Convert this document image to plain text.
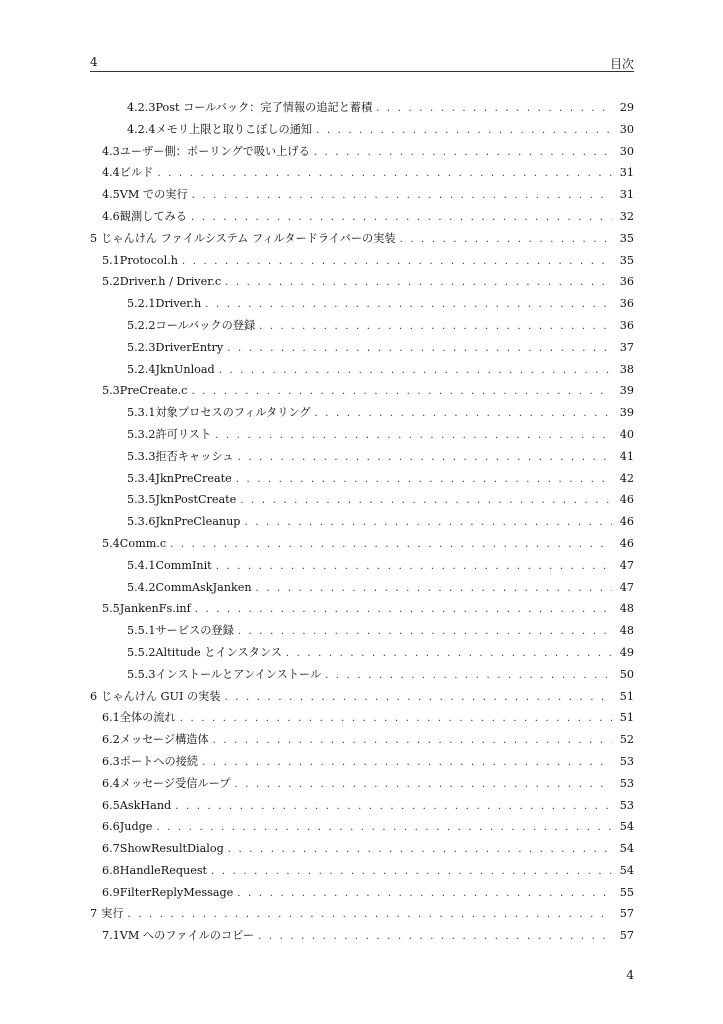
4	目次
4.2.3 Post コールバック：完了情報の追記と蓄積 . . .	29
4.2.4 メモリ上限と取りこぼしの通知 . . .	30
4.3 ユーザー側：ポーリングで吸い上げる . . .	30
4.4 ビルド . . .	31
4.5 VM での実行 . . .	31
4.6 観測してみる . . .	32
5 じゃんけん ファイルシステム フィルタードライバーの実装 . . .	35
5.1 Protocol.h . . .	35
5.2 Driver.h / Driver.c . . .	36
5.2.1 Driver.h . . .	36
5.2.2 コールバックの登録 . . .	36
5.2.3 DriverEntry . . .	37
5.2.4 JknUnload . . .	38
5.3 PreCreate.c . . .	39
5.3.1 対象プロセスのフィルタリング . . .	39
5.3.2 許可リスト . . .	40
5.3.3 拒否キャッシュ . . .	41
5.3.4 JknPreCreate . . .	42
5.3.5 JknPostCreate . . .	46
5.3.6 JknPreCleanup . . .	46
5.4 Comm.c . . .	46
5.4.1 CommInit . . .	47
5.4.2 CommAskJanken . . .	47
5.5 JankenFs.inf . . .	48
5.5.1 サービスの登録 . . .	48
5.5.2 Altitude とインスタンス . . .	49
5.5.3 インストールとアンインストール . . .	50
6 じゃんけん GUI の実装 . . .	51
6.1 全体の流れ . . .	51
6.2 メッセージ構造体 . . .	52
6.3 ポートへの接続 . . .	53
6.4 メッセージ受信ループ . . .	53
6.5 AskHand . . .	53
6.6 Judge . . .	54
6.7 ShowResultDialog . . .	54
6.8 HandleRequest . . .	54
6.9 FilterReplyMessage . . .	55
7 実行 . . .	57
7.1 VM へのファイルのコピー . . .	57
4
